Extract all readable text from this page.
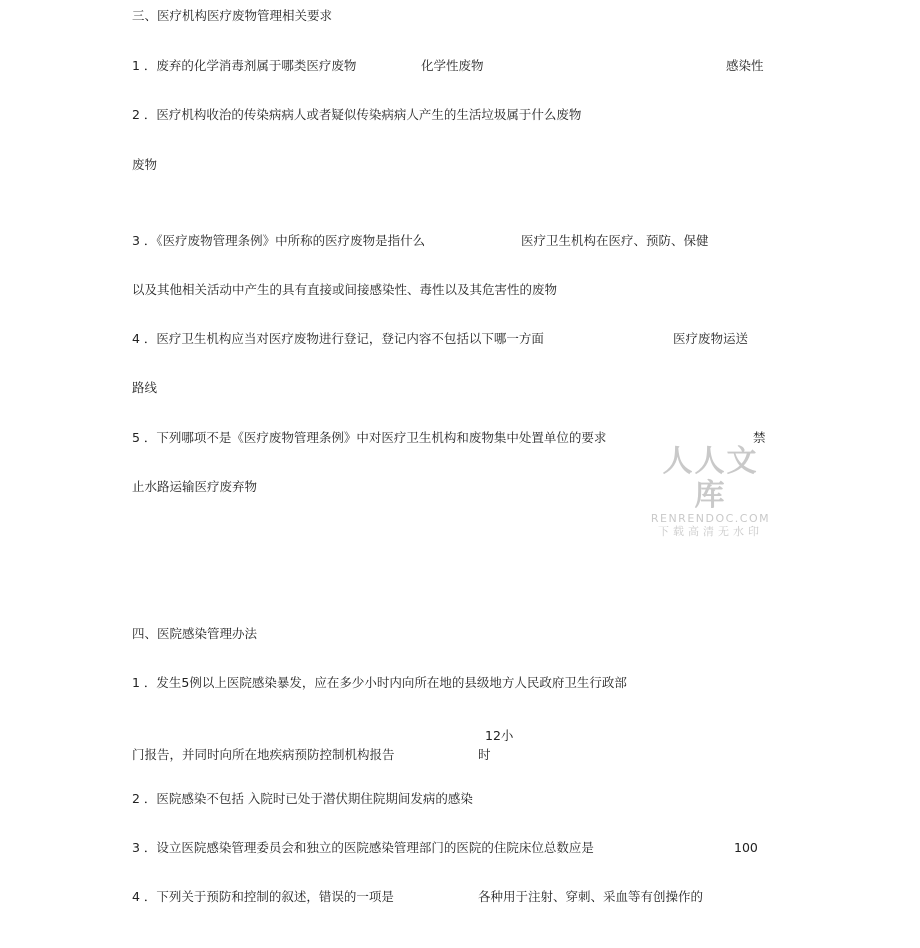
三、医疗机构医疗废物管理相关要求
1 ．废弃的化学消毒剂属于哪类医疗废物	化学性废物	感染性
2 ．医疗机构收治的传染病病人或者疑似传染病病人产生的生活垃圾属于什么废物
废物
3 ．《医疗废物管理条例》中所称的医疗废物是指什么	医疗卫生机构在医疗、预防、保健
以及其他相关活动中产生的具有直接或间接感染性、毒性以及其危害性的废物
4 ．医疗卫生机构应当对医疗废物进行登记，登记内容不包括以下哪一方面	医疗废物运送
路线
5 ．下列哪项不是《医疗废物管理条例》中对医疗卫生机构和废物集中处置单位的要求	禁
止水路运输医疗废弃物
人人文库
RENRENDOC.COM
下载高清无水印
四、医院感染管理办法
1 ．发生5例以上医院感染暴发，应在多少小时内向所在地的县级地方人民政府卫生行政部
12小
门报告，并同时向所在地疾病预防控制机构报告	时
2 ．医院感染不包括 入院时已处于潜伏期住院期间发病的感染
3 ．设立医院感染管理委员会和独立的医院感染管理部门的医院的住院床位总数应是	100
4 ．下列关于预防和控制的叙述，错误的一项是	各种用于注射、穿刺、采血等有创操作的
